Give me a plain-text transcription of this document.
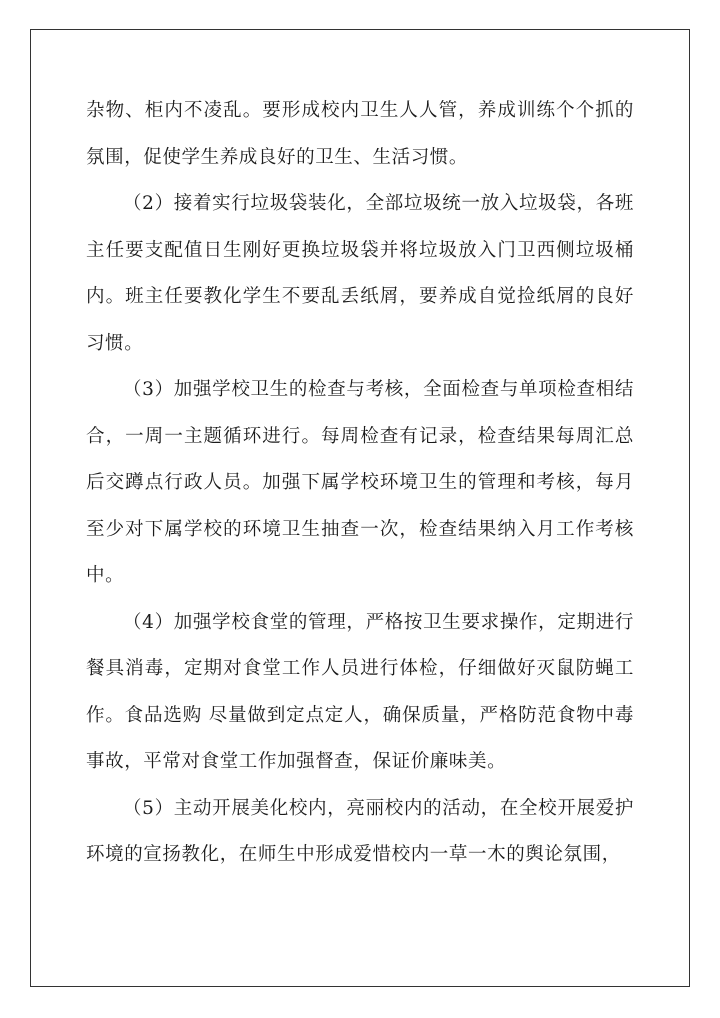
杂物、柜内不凌乱。要形成校内卫生人人管，养成训练个个抓的氛围，促使学生养成良好的卫生、生活习惯。

（2）接着实行垃圾袋装化，全部垃圾统一放入垃圾袋，各班主任要支配值日生刚好更换垃圾袋并将垃圾放入门卫西侧垃圾桶内。班主任要教化学生不要乱丢纸屑，要养成自觉捡纸屑的良好习惯。

（3）加强学校卫生的检查与考核，全面检查与单项检查相结合，一周一主题循环进行。每周检查有记录，检查结果每周汇总后交蹲点行政人员。加强下属学校环境卫生的管理和考核，每月至少对下属学校的环境卫生抽查一次，检查结果纳入月工作考核中。

（4）加强学校食堂的管理，严格按卫生要求操作，定期进行餐具消毒，定期对食堂工作人员进行体检，仔细做好灭鼠防蝇工作。食品选购 尽量做到定点定人，确保质量，严格防范食物中毒事故，平常对食堂工作加强督查，保证价廉味美。

（5）主动开展美化校内，亮丽校内的活动，在全校开展爱护环境的宣扬教化，在师生中形成爱惜校内一草一木的舆论氛围，
